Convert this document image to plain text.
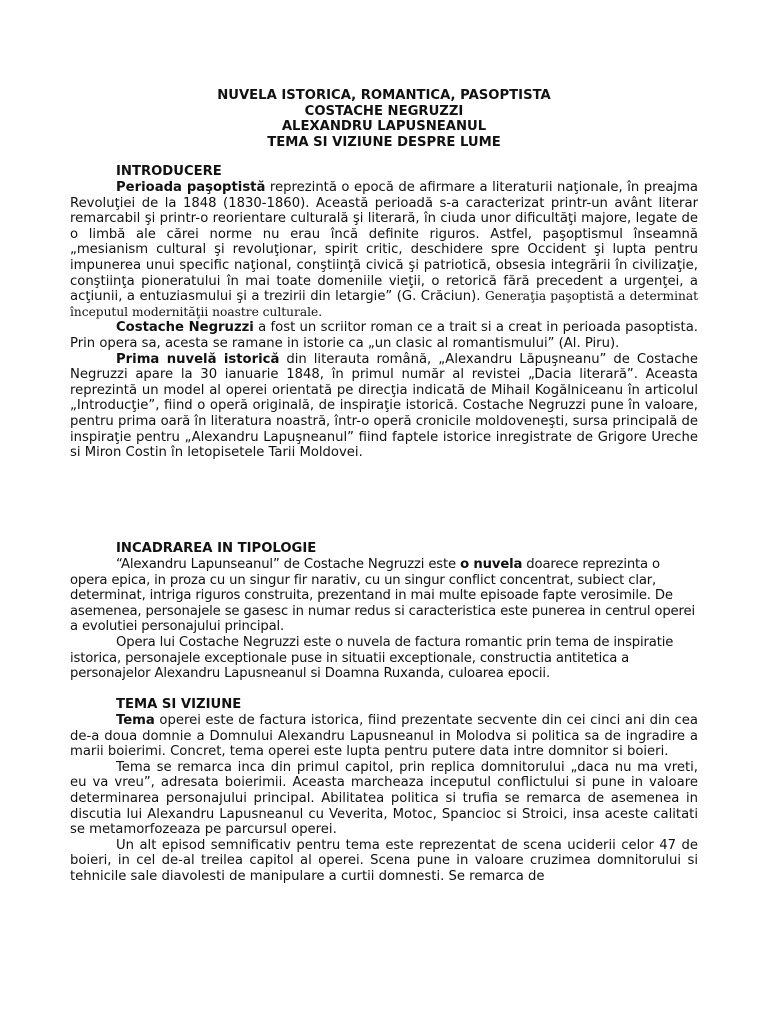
NUVELA ISTORICA, ROMANTICA, PASOPTISTA
COSTACHE NEGRUZZI
ALEXANDRU LAPUSNEANUL
TEMA SI VIZIUNE DESPRE LUME
INTRODUCERE

Perioada paşoptistă reprezintă o epocă de afirmare a literaturii naţionale, în preajma Revoluţiei de la 1848 (1830-1860). Această perioadă s-a caracterizat printr-un avânt literar remarcabil şi printr-o reorientare culturală şi literară, în ciuda unor dificultăţi majore, legate de o limbă ale cărei norme nu erau încă definite riguros. Astfel, paşoptismul înseamnă „mesianism cultural şi revoluţionar, spirit critic, deschidere spre Occident şi lupta pentru impunerea unui specific naţional, conştiinţă civică şi patriotică, obsesia integrării în civilizaţie, conştiinţa pioneratului în mai toate domeniile vieţii, o retorică fără precedent a urgenţei, a acţiunii, a entuziasmului şi a trezirii din letargie” (G. Crăciun). Generaţia paşoptistă a determinat începutul modernităţii noastre culturale.

Costache Negruzzi a fost un scriitor roman ce a trait si a creat in perioada pasoptista. Prin opera sa, acesta se ramane in istorie ca „un clasic al romantismului” (Al. Piru).

Prima nuvelă istorică din literauta română, „Alexandru Lăpuşneanu” de Costache Negruzzi apare la 30 ianuarie 1848, în primul număr al revistei „Dacia literară”. Aceasta reprezintă un model al operei orientată pe direcţia indicată de Mihail Kogălniceanu în articolul „Introducţie”, fiind o operă originală, de inspiraţie istorică. Costache Negruzzi pune în valoare, pentru prima oară în literatura noastră, într-o operă cronicile moldoveneşti, sursa principală de inspiraţie pentru „Alexandru Lapuşneanul” fiind faptele istorice inregistrate de Grigore Ureche si Miron Costin în letopisetele Tarii Moldovei.

INCADRAREA IN TIPOLOGIE

“Alexandru Lapunseanul” de Costache Negruzzi este o nuvela doarece reprezinta o opera epica, in proza cu un singur fir narativ, cu un singur conflict concentrat, subiect clar, determinat, intriga riguros construita, prezentand in mai multe episoade fapte verosimile. De asemenea, personajele se gasesc in numar redus si caracteristica este punerea in centrul operei a evolutiei personajului principal.

Opera lui Costache Negruzzi este o nuvela de factura romantic prin tema de inspiratie istorica, personajele exceptionale puse in situatii exceptionale, constructia antitetica a personajelor Alexandru Lapusneanul si Doamna Ruxanda, culoarea epocii.

TEMA SI VIZIUNE

Tema operei este de factura istorica, fiind prezentate secvente din cei cinci ani din cea de-a doua domnie a Domnului Alexandru Lapusneanul in Molodva si politica sa de ingradire a marii boierimi. Concret, tema operei este lupta pentru putere data intre domnitor si boieri.

Tema se remarca inca din primul capitol, prin replica domnitorului „daca nu ma vreti, eu va vreu”, adresata boierimii. Aceasta marcheaza inceputul conflictului si pune in valoare determinarea personajului principal. Abilitatea politica si trufia se remarca de asemenea in discutia lui Alexandru Lapusneanul cu Veverita, Motoc, Spancioc si Stroici, insa aceste calitati se metamorfozeaza pe parcursul operei.

Un alt episod semnificativ pentru tema este reprezentat de scena uciderii celor 47 de boieri, in cel de-al treilea capitol al operei. Scena pune in valoare cruzimea domnitorului si tehnicile sale diavolesti de manipulare a curtii domnesti. Se remarca de
